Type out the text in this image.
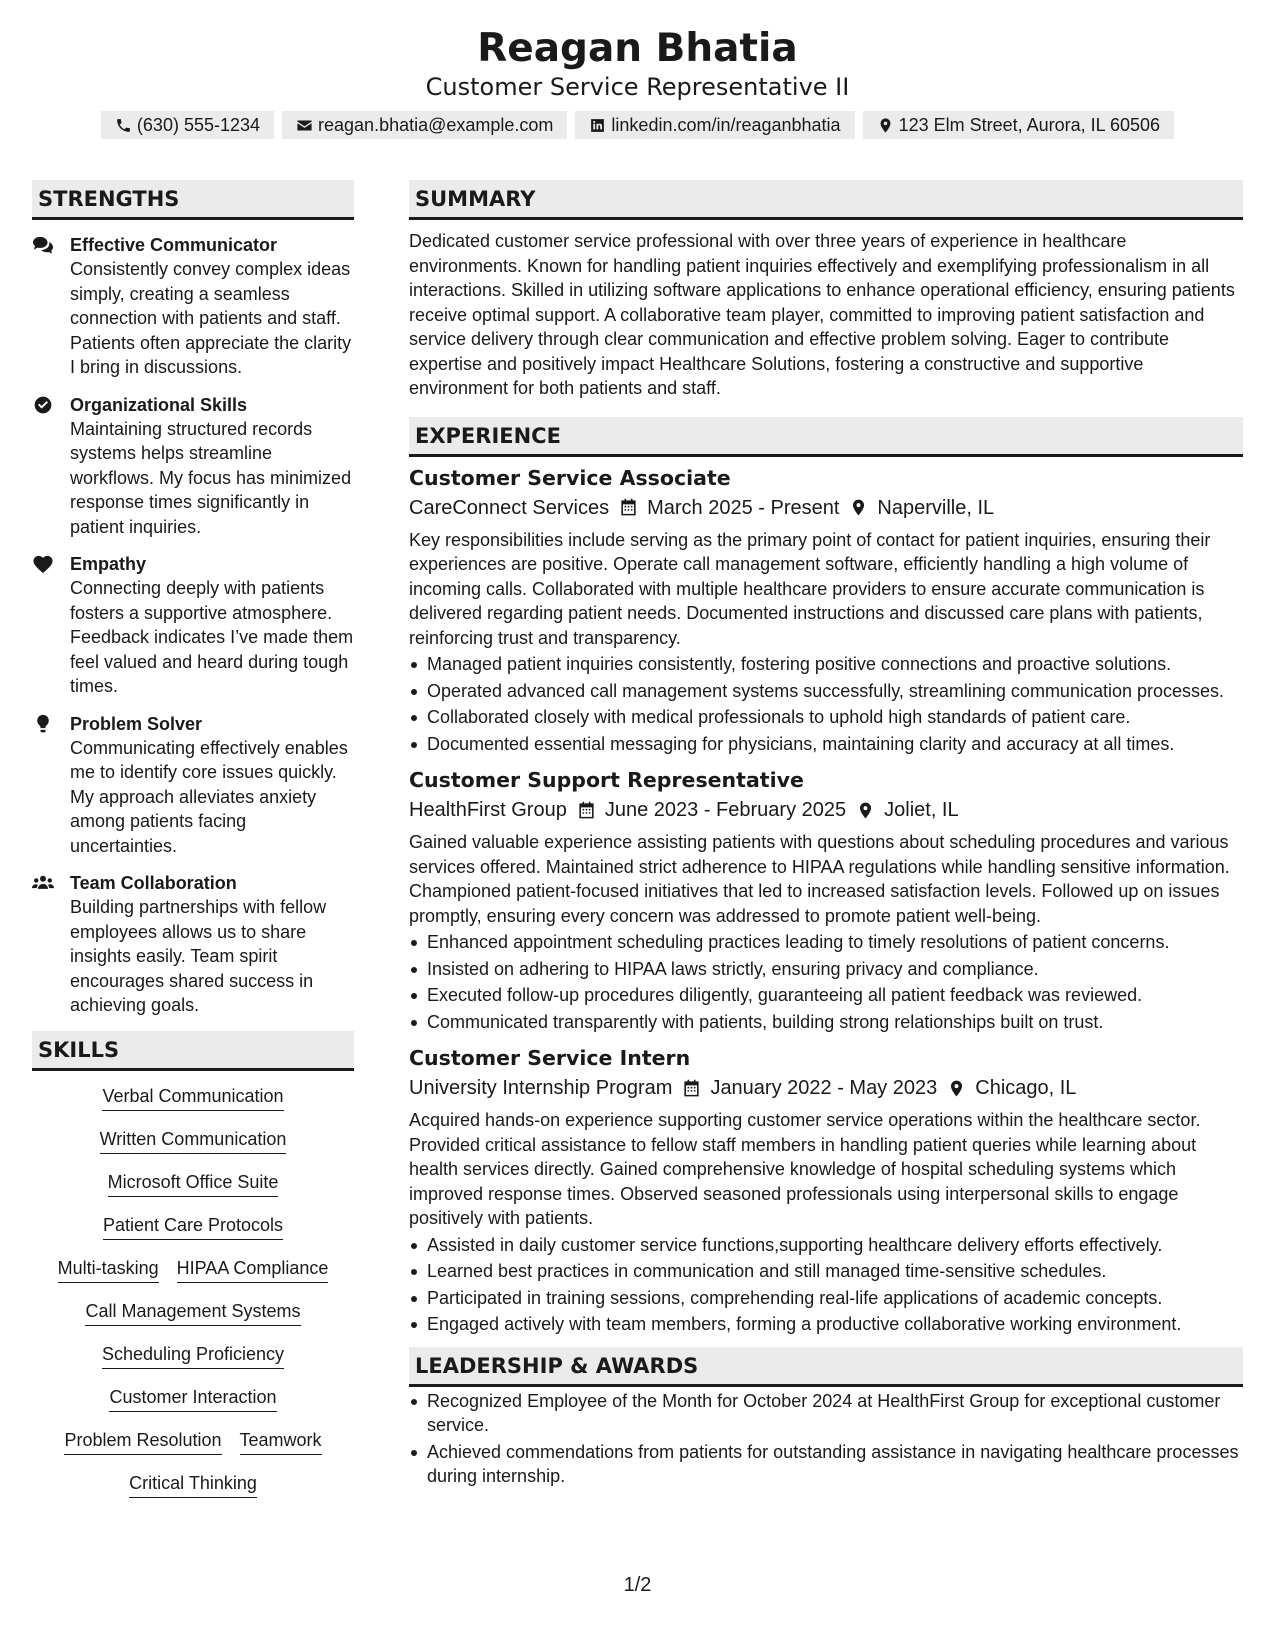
Reagan Bhatia
Customer Service Representative II
(630) 555-1234	reagan.bhatia@example.com	linkedin.com/in/reaganbhatia	123 Elm Street, Aurora, IL 60506
STRENGTHS
Effective Communicator
Consistently convey complex ideas simply, creating a seamless connection with patients and staff. Patients often appreciate the clarity I bring in discussions.
Organizational Skills
Maintaining structured records systems helps streamline workflows. My focus has minimized response times significantly in patient inquiries.
Empathy
Connecting deeply with patients fosters a supportive atmosphere. Feedback indicates I’ve made them feel valued and heard during tough times.
Problem Solver
Communicating effectively enables me to identify core issues quickly. My approach alleviates anxiety among patients facing uncertainties.
Team Collaboration
Building partnerships with fellow employees allows us to share insights easily. Team spirit encourages shared success in achieving goals.
SKILLS
Verbal Communication
Written Communication
Microsoft Office Suite
Patient Care Protocols
Multi-tasking HIPAA Compliance
Call Management Systems
Scheduling Proficiency
Customer Interaction
Problem Resolution Teamwork
Critical Thinking
SUMMARY
Dedicated customer service professional with over three years of experience in healthcare environments. Known for handling patient inquiries effectively and exemplifying professionalism in all interactions. Skilled in utilizing software applications to enhance operational efficiency, ensuring patients receive optimal support. A collaborative team player, committed to improving patient satisfaction and service delivery through clear communication and effective problem solving. Eager to contribute expertise and positively impact Healthcare Solutions, fostering a constructive and supportive environment for both patients and staff.
EXPERIENCE
Customer Service Associate
CareConnect Services March 2025 - Present Naperville, IL
Key responsibilities include serving as the primary point of contact for patient inquiries, ensuring their experiences are positive. Operate call management software, efficiently handling a high volume of incoming calls. Collaborated with multiple healthcare providers to ensure accurate communication is delivered regarding patient needs. Documented instructions and discussed care plans with patients, reinforcing trust and transparency.
Managed patient inquiries consistently, fostering positive connections and proactive solutions.
Operated advanced call management systems successfully, streamlining communication processes.
Collaborated closely with medical professionals to uphold high standards of patient care.
Documented essential messaging for physicians, maintaining clarity and accuracy at all times.
Customer Support Representative
HealthFirst Group June 2023 - February 2025 Joliet, IL
Gained valuable experience assisting patients with questions about scheduling procedures and various services offered. Maintained strict adherence to HIPAA regulations while handling sensitive information. Championed patient-focused initiatives that led to increased satisfaction levels. Followed up on issues promptly, ensuring every concern was addressed to promote patient well-being.
Enhanced appointment scheduling practices leading to timely resolutions of patient concerns.
Insisted on adhering to HIPAA laws strictly, ensuring privacy and compliance.
Executed follow-up procedures diligently, guaranteeing all patient feedback was reviewed.
Communicated transparently with patients, building strong relationships built on trust.
Customer Service Intern
University Internship Program January 2022 - May 2023 Chicago, IL
Acquired hands-on experience supporting customer service operations within the healthcare sector. Provided critical assistance to fellow staff members in handling patient queries while learning about health services directly. Gained comprehensive knowledge of hospital scheduling systems which improved response times. Observed seasoned professionals using interpersonal skills to engage positively with patients.
Assisted in daily customer service functions,supporting healthcare delivery efforts effectively.
Learned best practices in communication and still managed time-sensitive schedules.
Participated in training sessions, comprehending real-life applications of academic concepts.
Engaged actively with team members, forming a productive collaborative working environment.
LEADERSHIP & AWARDS
Recognized Employee of the Month for October 2024 at HealthFirst Group for exceptional customer service.
Achieved commendations from patients for outstanding assistance in navigating healthcare processes during internship.
1/2
